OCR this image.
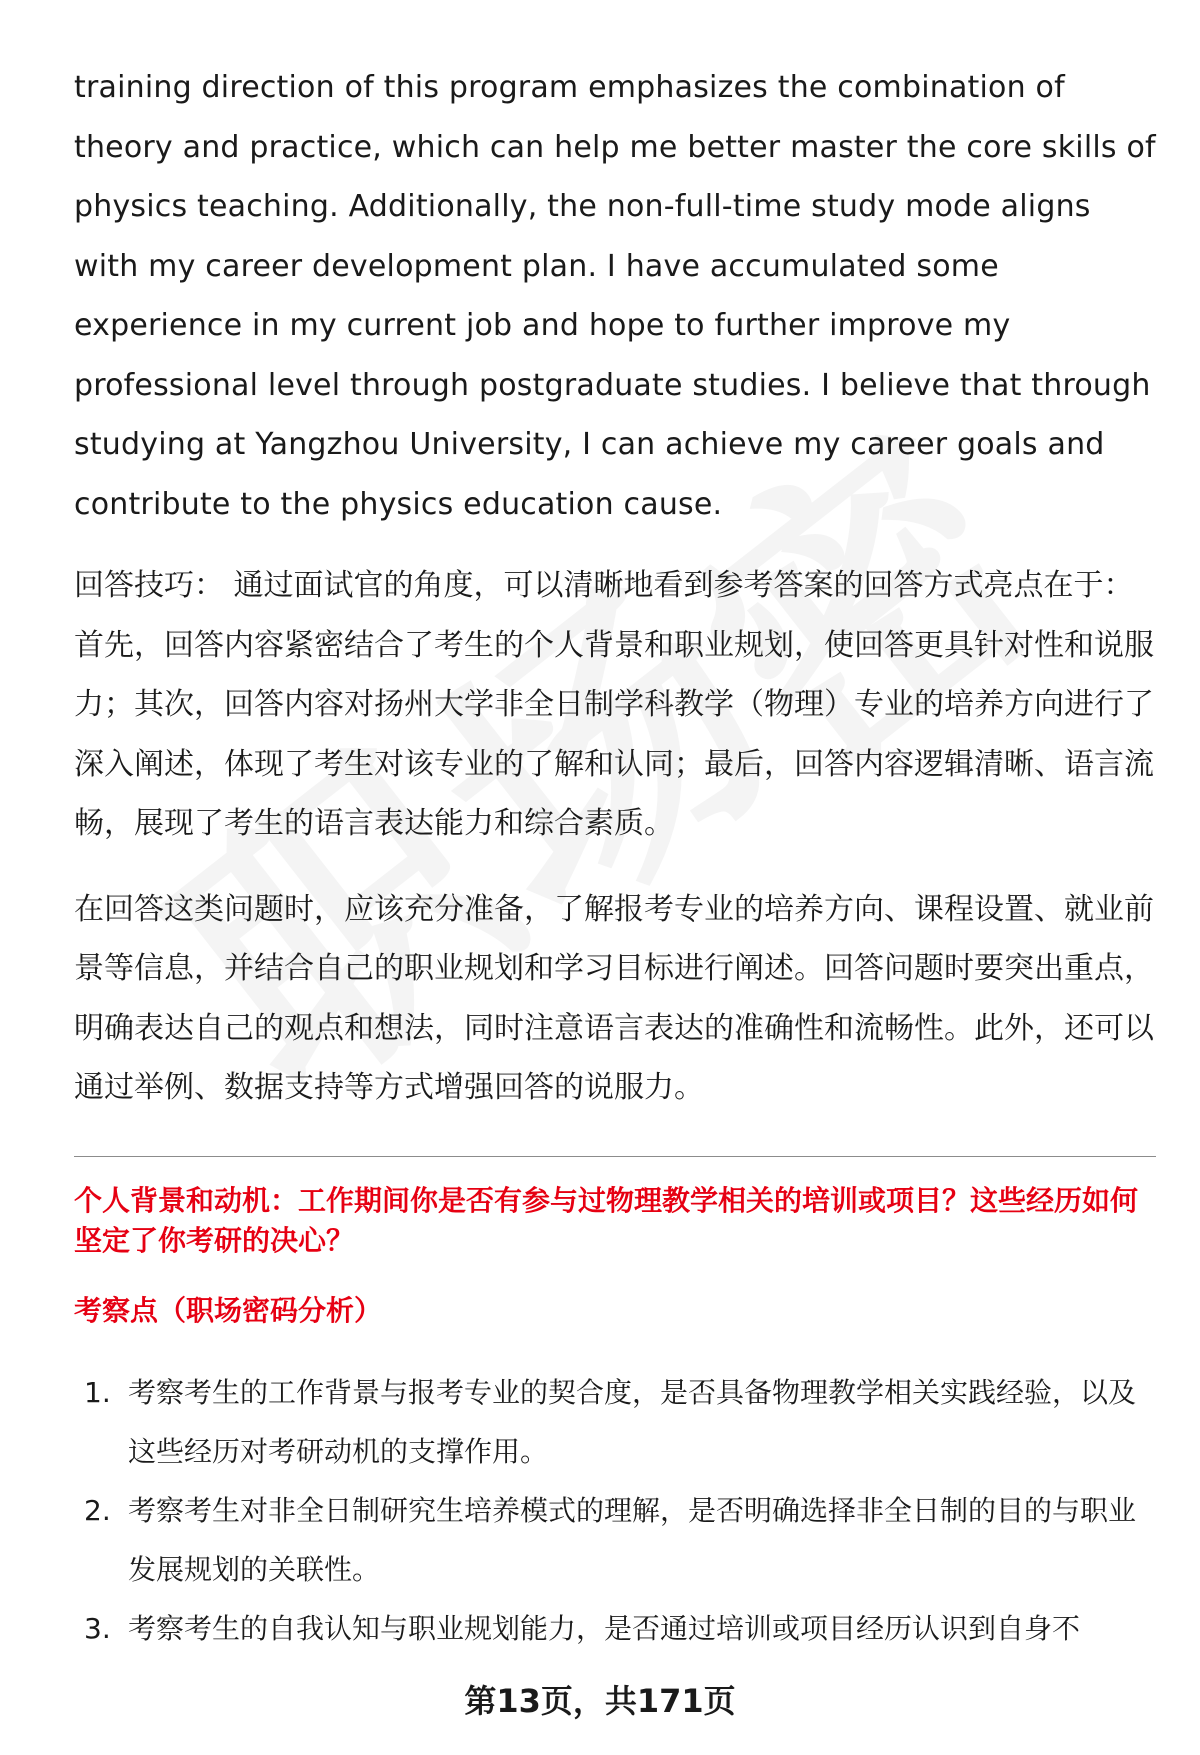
training direction of this program emphasizes the combination of theory and practice, which can help me better master the core skills of physics teaching. Additionally, the non-full-time study mode aligns with my career development plan. I have accumulated some experience in my current job and hope to further improve my professional level through postgraduate studies. I believe that through studying at Yangzhou University, I can achieve my career goals and contribute to the physics education cause.

回答技巧： 通过面试官的角度，可以清晰地看到参考答案的回答方式亮点在于：首先，回答内容紧密结合了考生的个人背景和职业规划，使回答更具针对性和说服力；其次，回答内容对扬州大学非全日制学科教学（物理）专业的培养方向进行了深入阐述，体现了考生对该专业的了解和认同；最后，回答内容逻辑清晰、语言流畅，展现了考生的语言表达能力和综合素质。

在回答这类问题时，应该充分准备，了解报考专业的培养方向、课程设置、就业前景等信息，并结合自己的职业规划和学习目标进行阐述。回答问题时要突出重点，明确表达自己的观点和想法，同时注意语言表达的准确性和流畅性。此外，还可以通过举例、数据支持等方式增强回答的说服力。

个人背景和动机：工作期间你是否有参与过物理教学相关的培训或项目？这些经历如何坚定了你考研的决心？
考察点（职场密码分析）
1. 考察考生的工作背景与报考专业的契合度，是否具备物理教学相关实践经验，以及这些经历对考研动机的支撑作用。
2. 考察考生对非全日制研究生培养模式的理解，是否明确选择非全日制的目的与职业发展规划的关联性。
3. 考察考生的自我认知与职业规划能力，是否通过培训或项目经历认识到自身不
第13页，共171页
